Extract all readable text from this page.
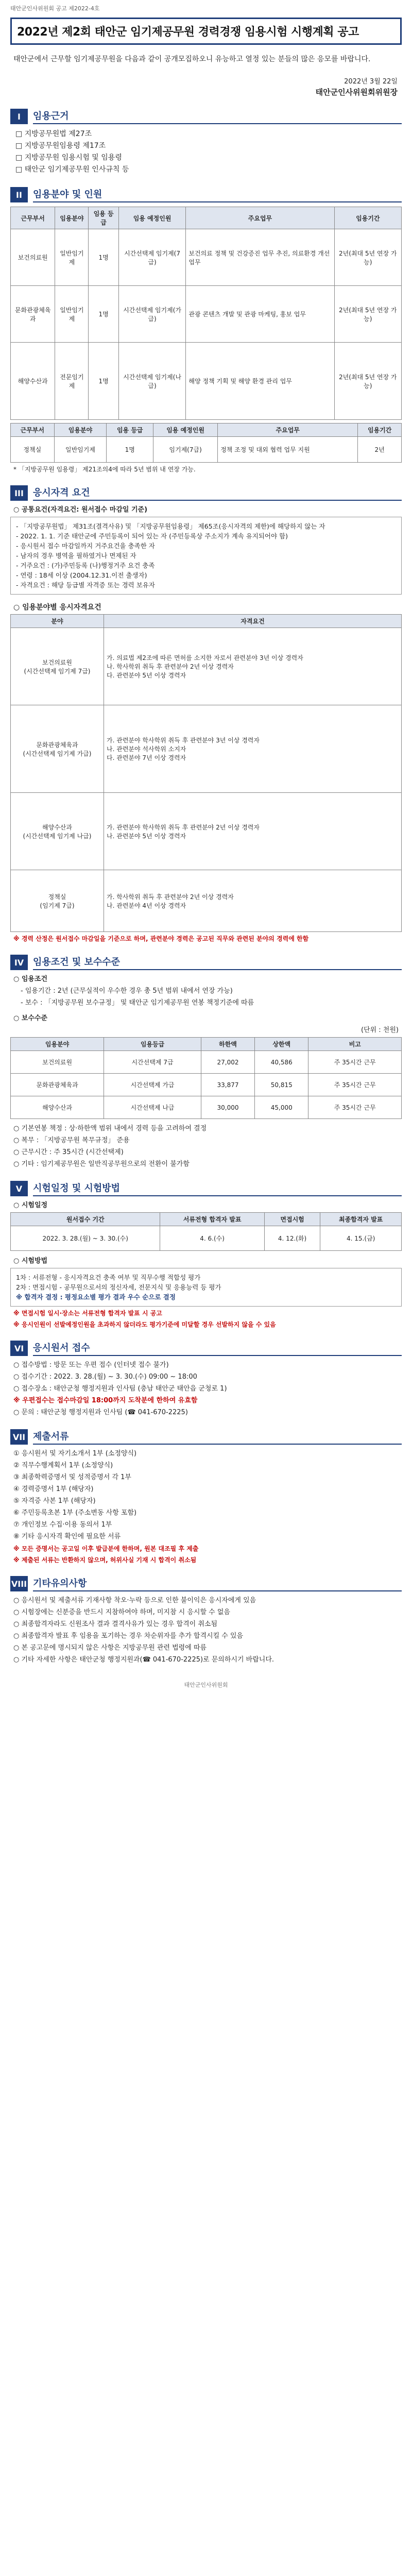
태안군인사위원회 공고 제2022-4호
2022년 제2회 태안군 임기제공무원 경력경쟁 임용시험 시행계획 공고
태안군에서 근무할 임기제공무원을 다음과 같이 공개모집하오니 유능하고 열정 있는 분들의 많은 응모를 바랍니다.
2022년 3월 22일
태안군인사위원회위원장
I	임용근거
□ 지방공무원법 제27조
□ 지방공무원임용령 제17조
□ 지방공무원 임용시험 및 임용령
□ 태안군 임기제공무원 인사규칙 등
II	임용분야 및 인원
근무부서	임용분야	임용 등급	임용 예정인원	주요업무	임용기간
보건의료원	일반임기제	1명	시간선택제 임기제(7급)	보건의료 정책 및 건강증진 업무 추진, 의료환경 개선 업무	2년(최대 5년 연장 가능)
문화관광체육과	일반임기제	1명	시간선택제 임기제(가급)	관광 콘텐츠 개발 및 관광 마케팅, 홍보 업무	2년(최대 5년 연장 가능)
해양수산과	전문임기제	1명	시간선택제 임기제(나급)	해양 정책 기획 및 해양 환경 관리 업무	2년(최대 5년 연장 가능)
근무부서	임용분야	임용 등급	임용 예정인원	주요업무	임용기간
정책실	일반임기제	1명	임기제(7급)	정책 조정 및 대외 협력 업무 지원	2년
* 「지방공무원 임용령」 제21조의4에 따라 5년 범위 내 연장 가능.
III	응시자격 요건
○ 공통요건(자격요건: 원서접수 마감일 기준)
- 「지방공무원법」 제31조(결격사유) 및 「지방공무원임용령」 제65조(응시자격의 제한)에 해당하지 않는 자
- 2022. 1. 1. 기준 태안군에 주민등록이 되어 있는 자 (주민등록상 주소지가 계속 유지되어야 함)
- 응시원서 접수 마감일까지 거주요건을 충족한 자
- 남자의 경우 병역을 필하였거나 면제된 자
- 거주요건 : (가)주민등록 (나)행정거주 요건 충족
- 연령 : 18세 이상 (2004.12.31.이전 출생자)
- 자격요건 : 해당 등급별 자격증 또는 경력 보유자
○ 임용분야별 응시자격요건
분야	자격요건
보건의료원
(시간선택제 임기제 7급)	가. 의료법 제2조에 따른 면허를 소지한 자로서 관련분야 3년 이상 경력자
나. 학사학위 취득 후 관련분야 2년 이상 경력자
다. 관련분야 5년 이상 경력자
문화관광체육과
(시간선택제 임기제 가급)	가. 관련분야 학사학위 취득 후 관련분야 3년 이상 경력자
나. 관련분야 석사학위 소지자
다. 관련분야 7년 이상 경력자
해양수산과
(시간선택제 임기제 나급)	가. 관련분야 학사학위 취득 후 관련분야 2년 이상 경력자
나. 관련분야 5년 이상 경력자
정책실
(임기제 7급)	가. 학사학위 취득 후 관련분야 2년 이상 경력자
나. 관련분야 4년 이상 경력자
※ 경력 산정은 원서접수 마감일을 기준으로 하며, 관련분야 경력은 공고된 직무와 관련된 분야의 경력에 한함
IV 임용조건 및 보수수준
○ 임용조건
- 임용기간 : 2년 (근무실적이 우수한 경우 총 5년 범위 내에서 연장 가능)
- 보수 : 「지방공무원 보수규정」 및 태안군 임기제공무원 연봉 책정기준에 따름
○ 보수수준
(단위 : 천원)
임용분야	임용등급	하한액	상한액	비고
보건의료원	시간선택제 7급	27,002	40,586	주 35시간 근무
문화관광체육과	시간선택제 가급	33,877	50,815	주 35시간 근무
해양수산과	시간선택제 나급	30,000	45,000	주 35시간 근무
○ 기본연봉 책정 : 상·하한액 범위 내에서 경력 등을 고려하여 결정
○ 복무 : 「지방공무원 복무규정」 준용
○ 근무시간 : 주 35시간 (시간선택제)
○ 기타 : 임기제공무원은 일반직공무원으로의 전환이 불가함
V	시험일정 및 시험방법
○ 시험일정
원서접수 기간	서류전형 합격자 발표	면접시험	최종합격자 발표
2022. 3. 28.(월) ~ 3. 30.(수)	4. 6.(수)	4. 12.(화)	4. 15.(금)
○ 시험방법
1차 : 서류전형 - 응시자격요건 충족 여부 및 직무수행 적합성 평가
2차 : 면접시험 - 공무원으로서의 정신자세, 전문지식 및 응용능력 등 평가
※ 합격자 결정 : 평정요소별 평가 결과 우수 순으로 결정
※ 면접시험 일시·장소는 서류전형 합격자 발표 시 공고
※ 응시인원이 선발예정인원을 초과하지 않더라도 평가기준에 미달할 경우 선발하지 않을 수 있음
VI 응시원서 접수
○ 접수방법 : 방문 또는 우편 접수 (인터넷 접수 불가)
○ 접수기간 : 2022. 3. 28.(월) ~ 3. 30.(수) 09:00 ~ 18:00
○ 접수장소 : 태안군청 행정지원과 인사팀 (충남 태안군 태안읍 군청로 1)
※ 우편접수는 접수마감일 18:00까지 도착분에 한하여 유효함
○ 문의 : 태안군청 행정지원과 인사팀 (☎ 041-670-2225)
VII 제출서류
① 응시원서 및 자기소개서 1부 (소정양식)
② 직무수행계획서 1부 (소정양식)
③ 최종학력증명서 및 성적증명서 각 1부
④ 경력증명서 1부 (해당자)
⑤ 자격증 사본 1부 (해당자)
⑥ 주민등록초본 1부 (주소변동 사항 포함)
⑦ 개인정보 수집·이용 동의서 1부
⑧ 기타 응시자격 확인에 필요한 서류
※ 모든 증명서는 공고일 이후 발급분에 한하며, 원본 대조필 후 제출
※ 제출된 서류는 반환하지 않으며, 허위사실 기재 시 합격이 취소됨
VIII 기타유의사항
○ 응시원서 및 제출서류 기재사항 착오·누락 등으로 인한 불이익은 응시자에게 있음
○ 시험장에는 신분증을 반드시 지참하여야 하며, 미지참 시 응시할 수 없음
○ 최종합격자라도 신원조사 결과 결격사유가 있는 경우 합격이 취소됨
○ 최종합격자 발표 후 임용을 포기하는 경우 차순위자를 추가 합격시킬 수 있음
○ 본 공고문에 명시되지 않은 사항은 지방공무원 관련 법령에 따름
○ 기타 자세한 사항은 태안군청 행정지원과(☎ 041-670-2225)로 문의하시기 바랍니다.
태안군인사위원회
